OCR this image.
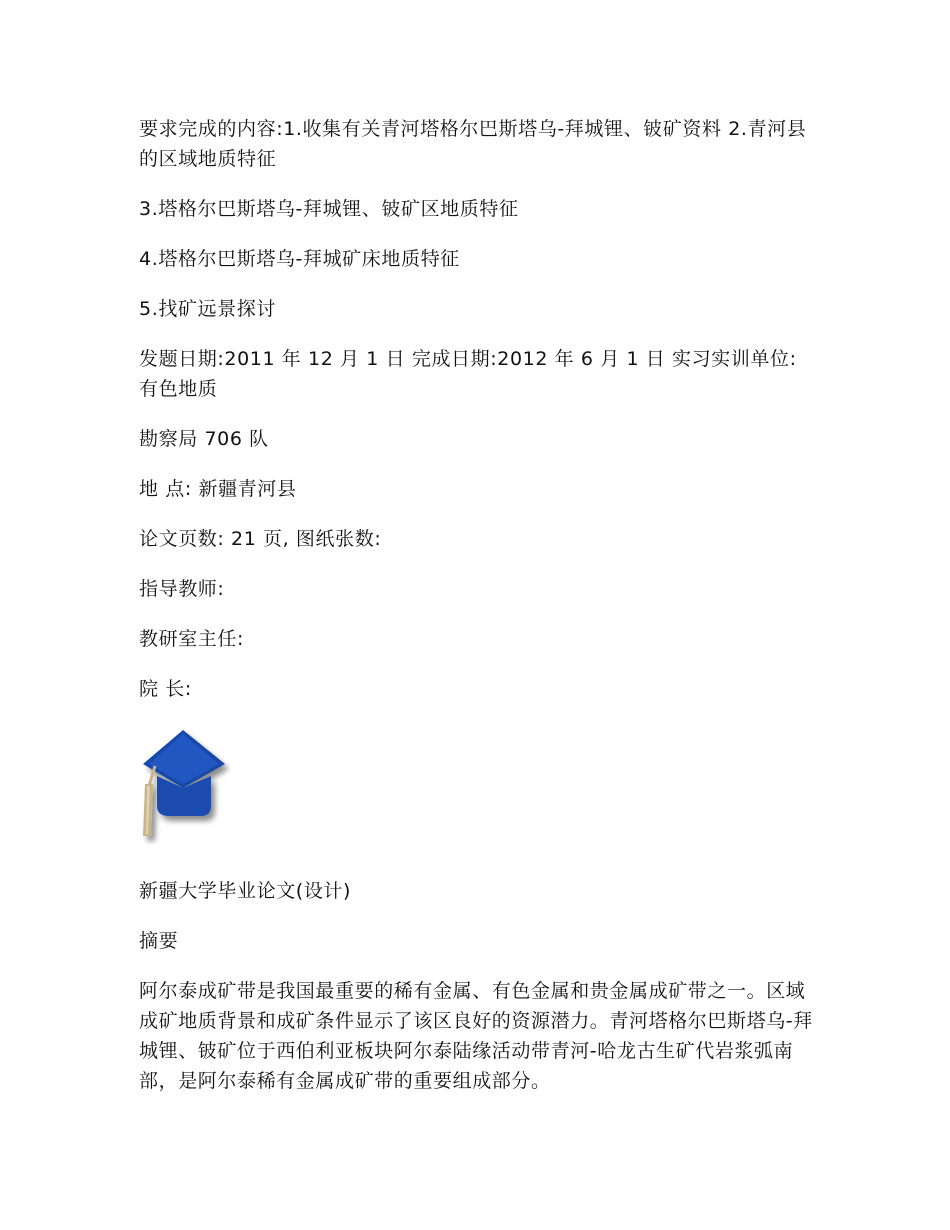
要求完成的内容:1.收集有关青河塔格尔巴斯塔乌-拜城锂、铍矿资料 2.青河县的区域地质特征

3.塔格尔巴斯塔乌-拜城锂、铍矿区地质特征

4.塔格尔巴斯塔乌-拜城矿床地质特征

5.找矿远景探讨

发题日期:2011 年 12 月 1 日 完成日期:2012 年 6 月 1 日 实习实训单位: 有色地质

勘察局 706 队

地 点: 新疆青河县

论文页数: 21 页, 图纸张数:

指导教师:

教研室主任:

院 长:

新疆大学毕业论文(设计)

摘要

阿尔泰成矿带是我国最重要的稀有金属、有色金属和贵金属成矿带之一。区域成矿地质背景和成矿条件显示了该区良好的资源潜力。青河塔格尔巴斯塔乌-拜城锂、铍矿位于西伯利亚板块阿尔泰陆缘活动带青河-哈龙古生矿代岩浆弧南部，是阿尔泰稀有金属成矿带的重要组成部分。
